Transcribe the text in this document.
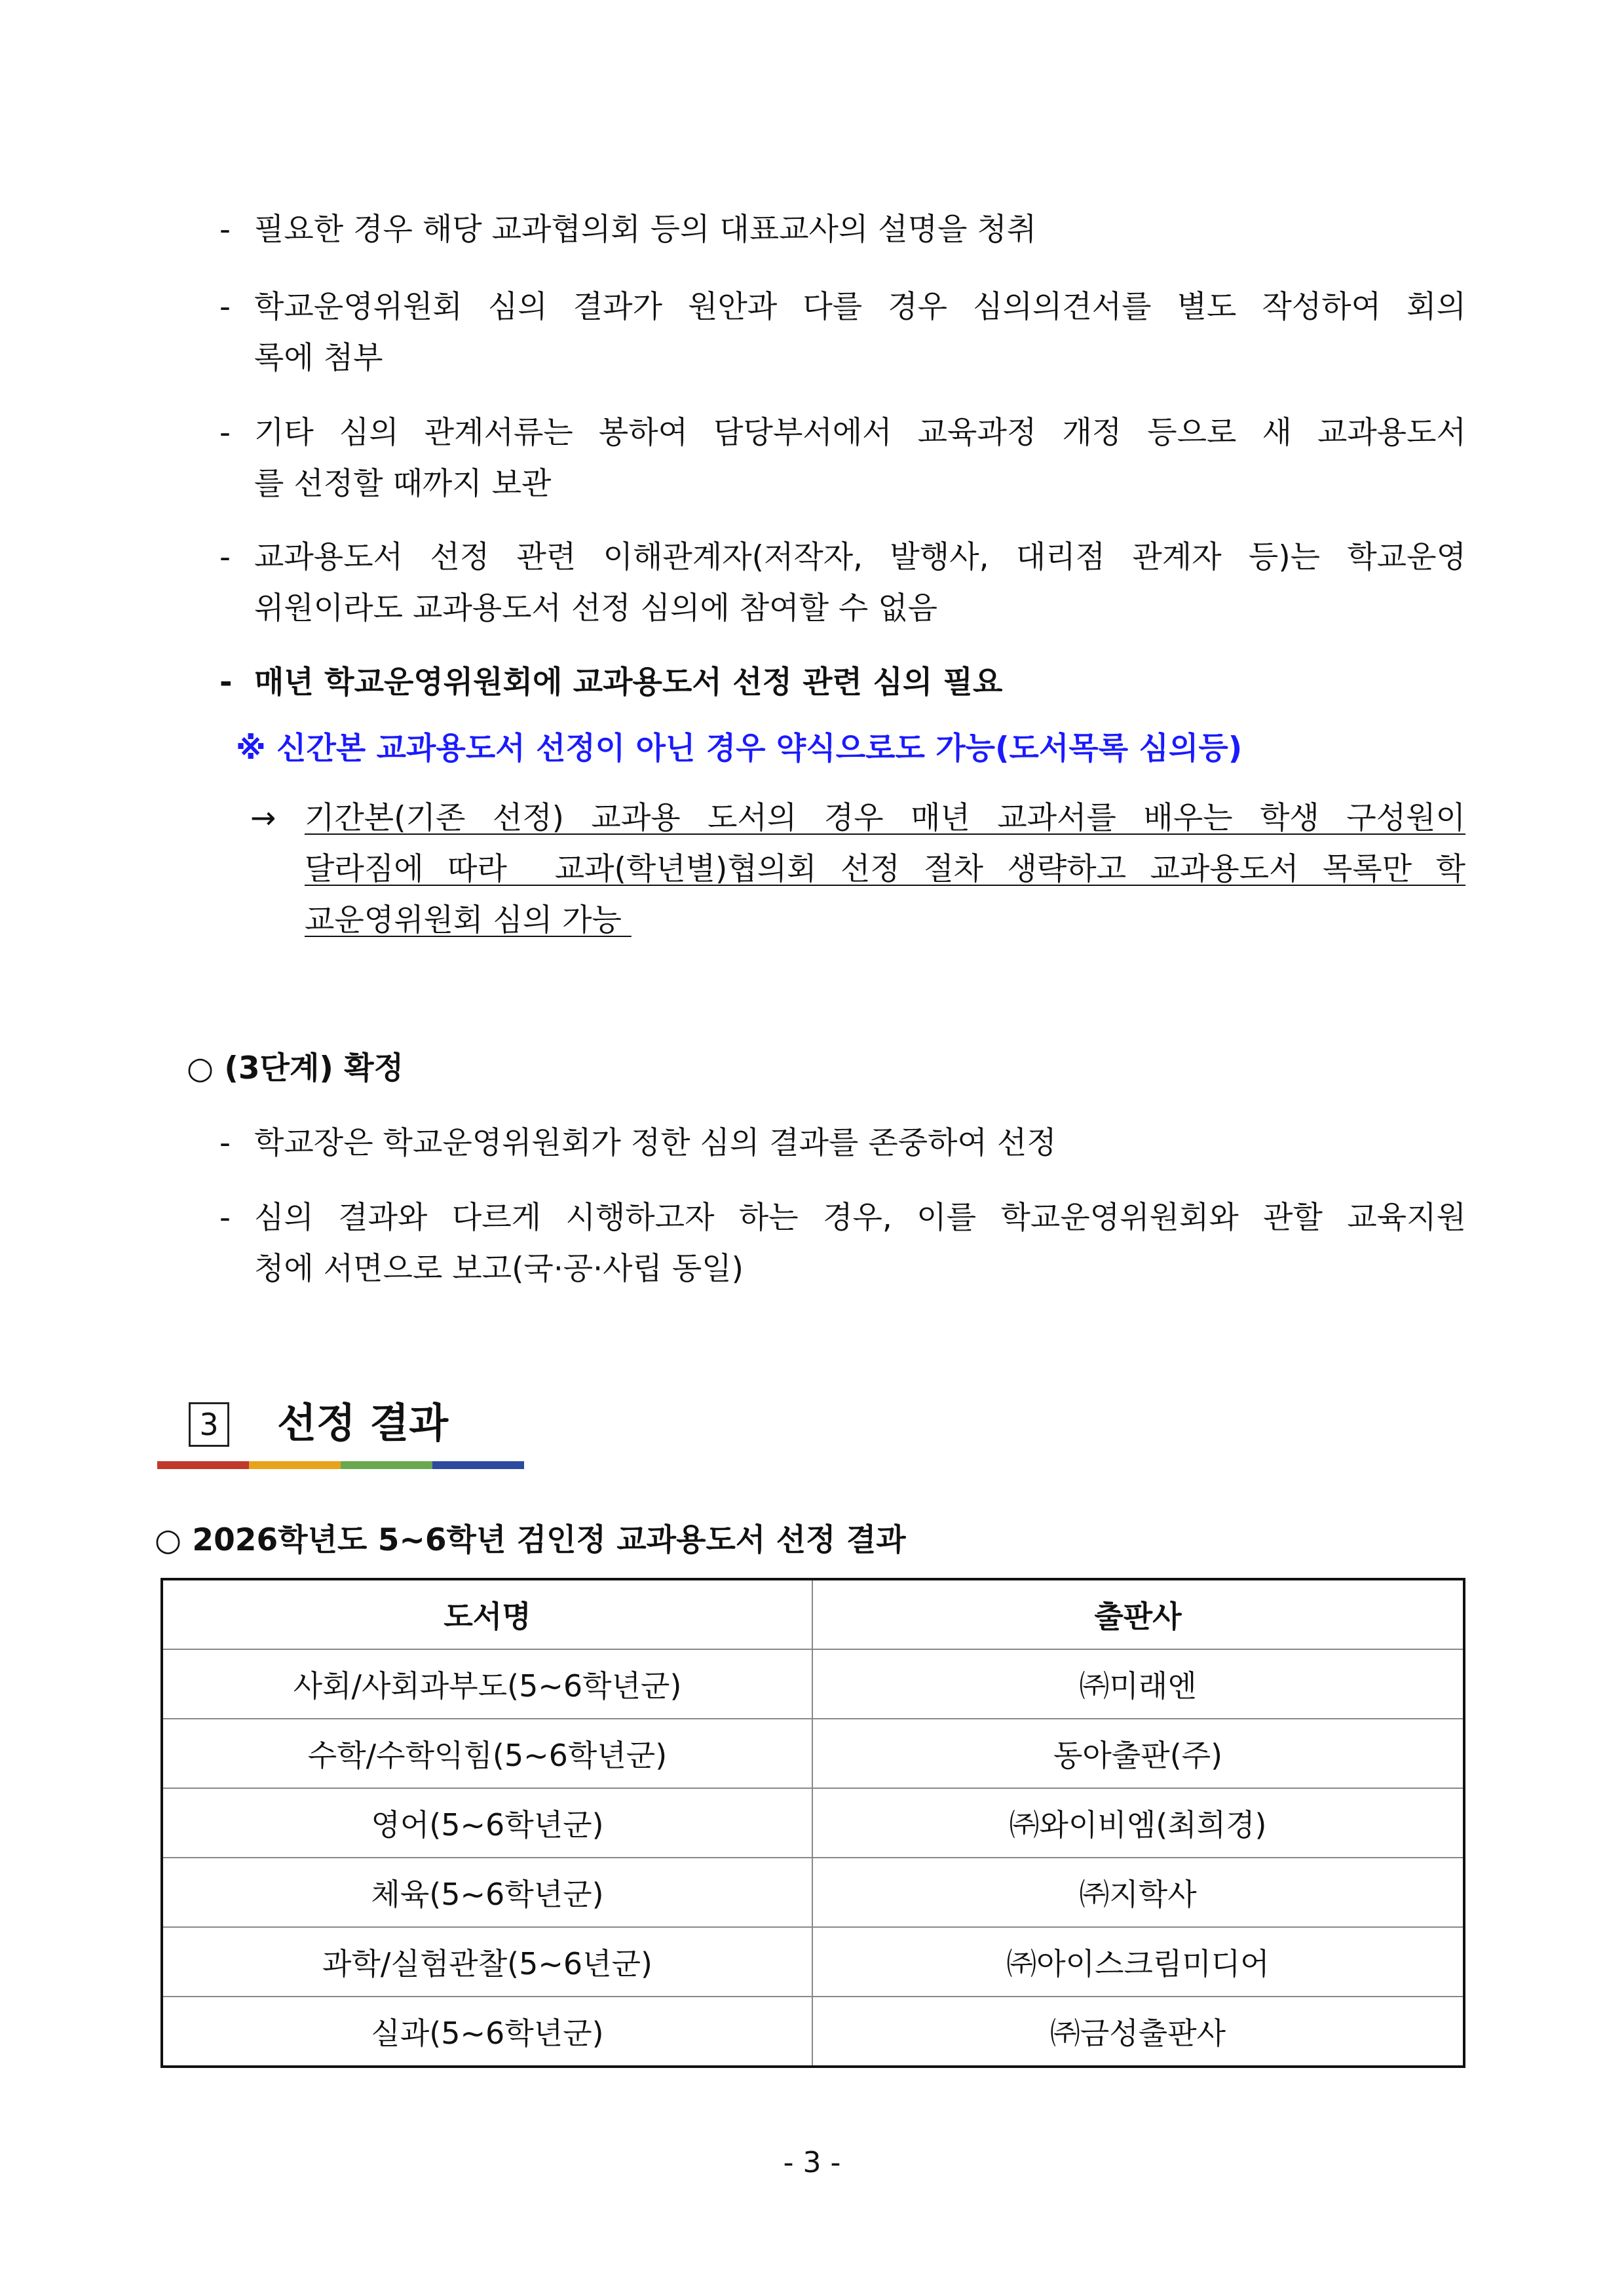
- 필요한 경우 해당 교과협의회 등의 대표교사의 설명을 청취
- 학교운영위원회 심의 결과가 원안과 다를 경우 심의의견서를 별도 작성하여 회의
록에 첨부
- 기타 심의 관계서류는 봉하여 담당부서에서 교육과정 개정 등으로 새 교과용도서
를 선정할 때까지 보관
- 교과용도서 선정 관련 이해관계자(저작자, 발행사, 대리점 관계자 등)는 학교운영
위원이라도 교과용도서 선정 심의에 참여할 수 없음
- 매년 학교운영위원회에 교과용도서 선정 관련 심의 필요
※ 신간본 교과용도서 선정이 아닌 경우 약식으로도 가능(도서목록 심의등)
→ 기간본(기존 선정) 교과용 도서의 경우 매년 교과서를 배우는 학생 구성원이
달라짐에 따라  교과(학년별)협의회 선정 절차 생략하고 교과용도서 목록만 학
교운영위원회 심의 가능
○ (3단계) 확정
- 학교장은 학교운영위원회가 정한 심의 결과를 존중하여 선정
- 심의 결과와 다르게 시행하고자 하는 경우, 이를 학교운영위원회와 관할 교육지원
청에 서면으로 보고(국·공·사립 동일)
3 선정 결과
○ 2026학년도 5~6학년 검인정 교과용도서 선정 결과
도서명	출판사
사회/사회과부도(5~6학년군)	㈜미래엔
수학/수학익힘(5~6학년군)	동아출판(주)
영어(5~6학년군)	㈜와이비엠(최희경)
체육(5~6학년군)	㈜지학사
과학/실험관찰(5~6년군)	㈜아이스크림미디어
실과(5~6학년군)	㈜금성출판사
- 3 -
